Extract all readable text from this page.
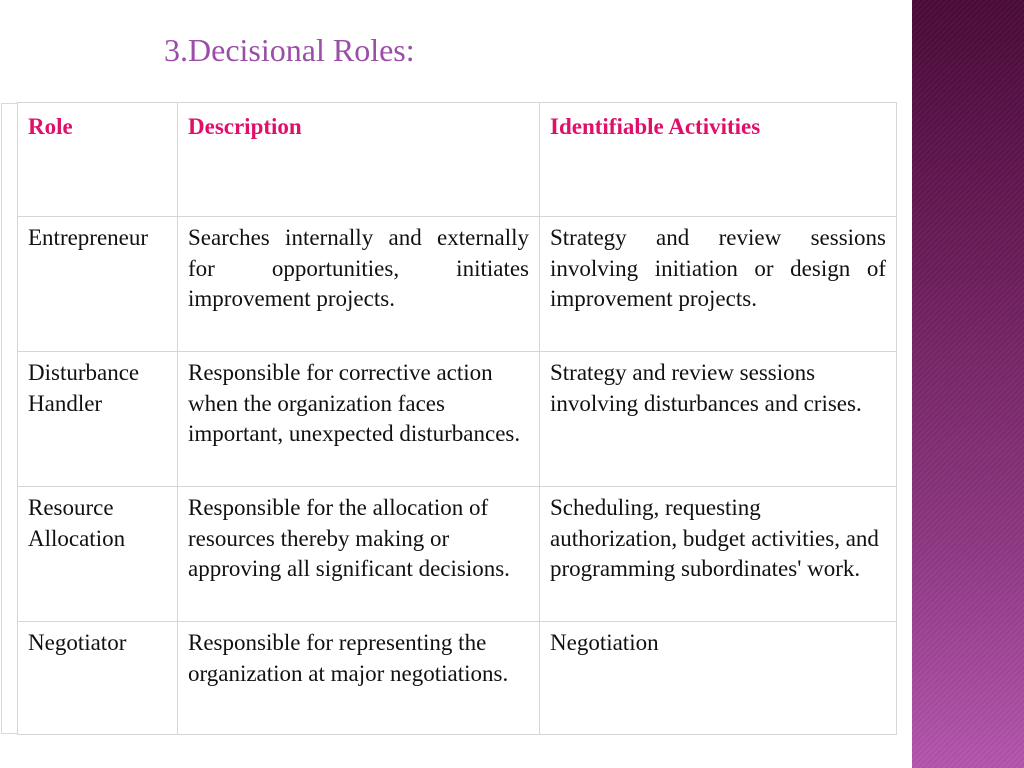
3.Decisional Roles:
Role	Description	Identifiable Activities
Entrepreneur	Searches internally and externally for opportunities, initiates improvement projects.	Strategy and review sessions involving initiation or design of improvement projects.
Disturbance Handler	Responsible for corrective action when the organization faces important, unexpected disturbances.	Strategy and review sessions involving disturbances and crises.
Resource Allocation	Responsible for the allocation of resources thereby making or approving all significant decisions.	Scheduling, requesting authorization, budget activities, and programming subordinates' work.
Negotiator	Responsible for representing the organization at major negotiations.	Negotiation
